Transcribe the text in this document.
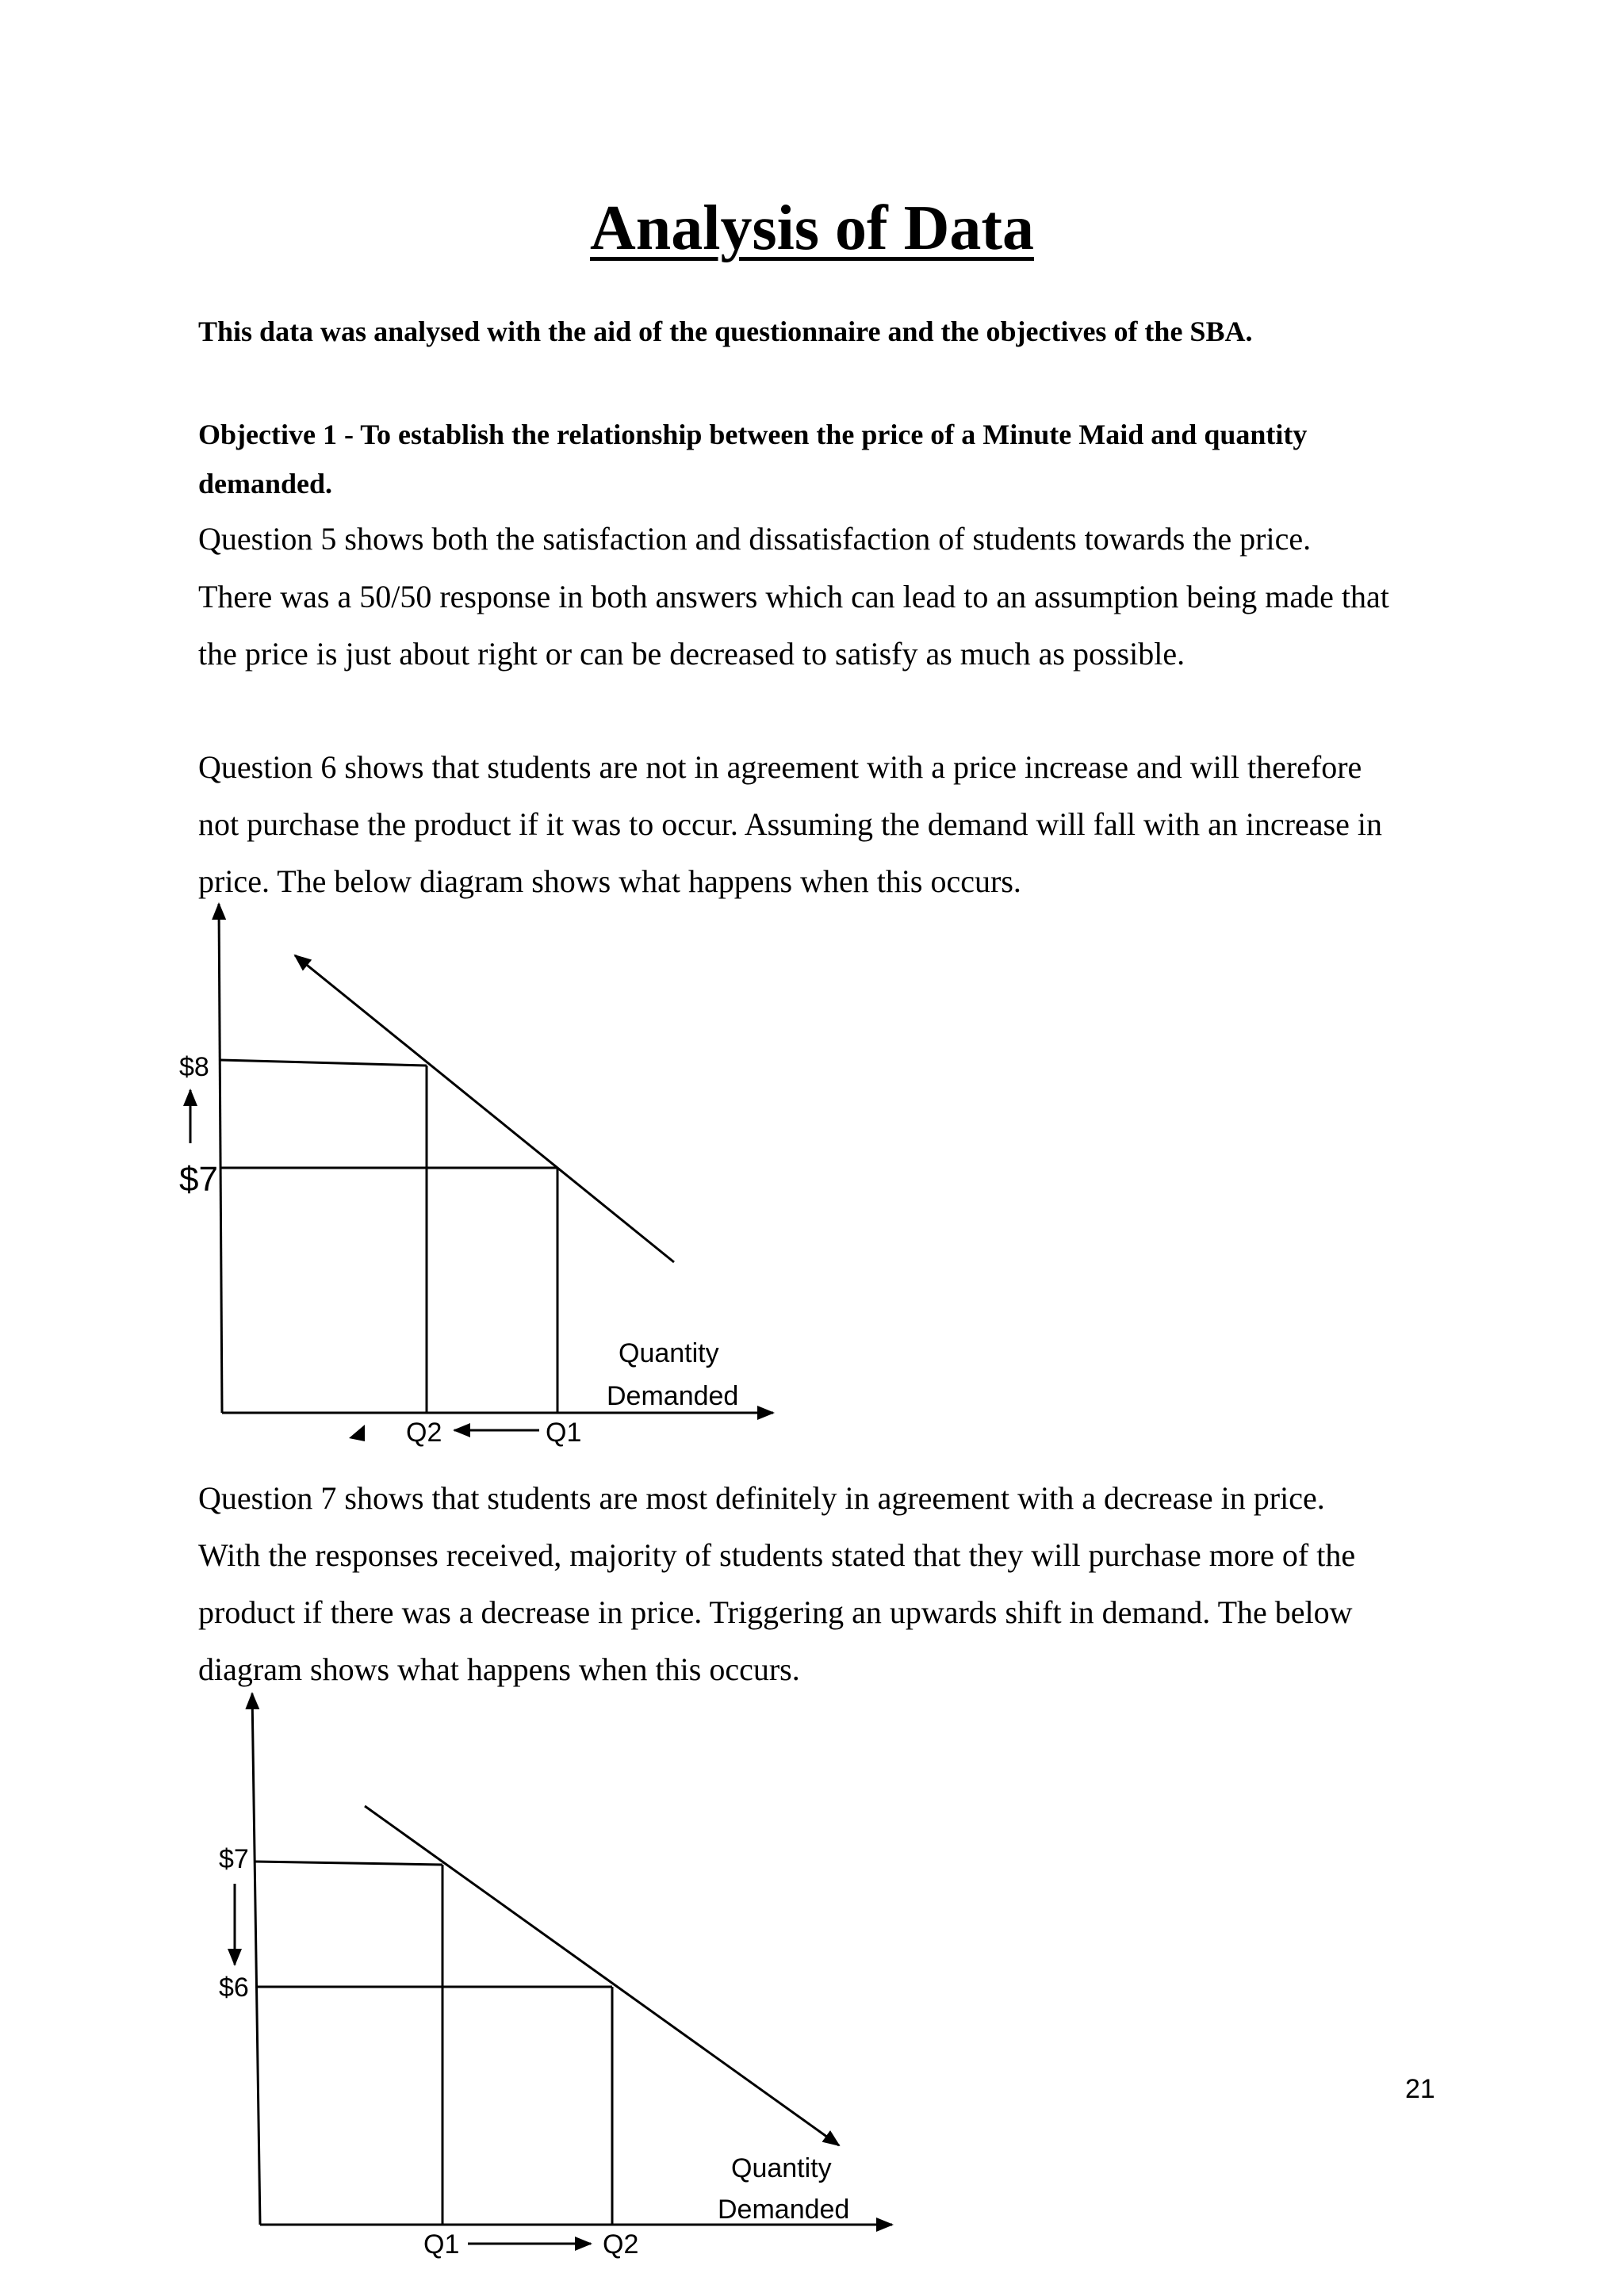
Analysis of Data
This data was analysed with the aid of the questionnaire and the objectives of the SBA.
Objective 1 - To establish the relationship between the price of a Minute Maid and quantity
demanded.
Question 5 shows both the satisfaction and dissatisfaction of students towards the price.
There was a 50/50 response in both answers which can lead to an assumption being made that
the price is just about right or can be decreased to satisfy as much as possible.
Question 6 shows that students are not in agreement with a price increase and will therefore
not purchase the product if it was to occur. Assuming the demand will fall with an increase in
price. The below diagram shows what happens when this occurs.
Question 7 shows that students are most definitely in agreement with a decrease in price.
With the responses received, majority of students stated that they will purchase more of the
product if there was a decrease in price. Triggering an upwards shift in demand. The below
diagram shows what happens when this occurs.
$8
$7
Quantity
Demanded
Q2	Q1
$7
$6
Quantity
Demanded
Q1	Q2
21
